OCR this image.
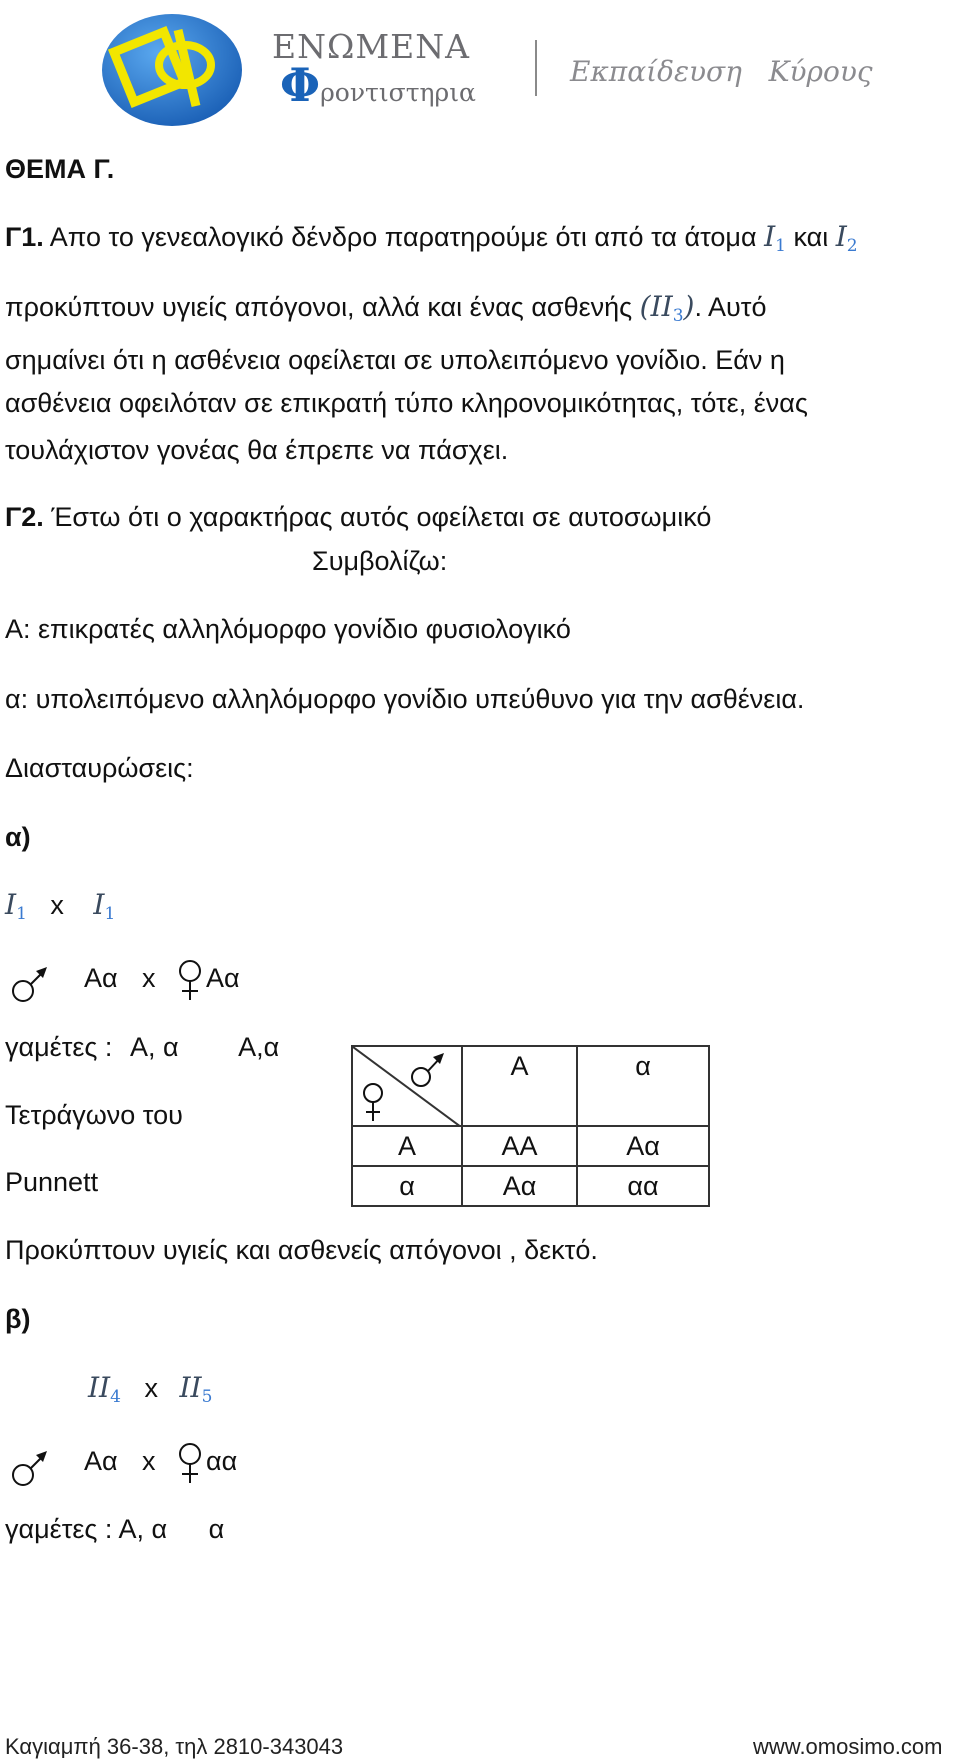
ΕΝΩΜΕΝΑ
Φροντιστηρια
Εκπαίδευση Κύρους
ΘΕΜΑ Γ.
Γ1. Απο το γενεαλογικό δένδρο παρατηρούμε ότι από τα άτομα $I_1$ και $I_2$
προκύπτουν υγιείς απόγονοι, αλλά και ένας ασθενής $(II_3)$. Αυτό
σημαίνει ότι η ασθένεια οφείλεται σε υπολειπόμενο γονίδιο. Εάν η
ασθένεια οφειλόταν σε επικρατή τύπο κληρονομικότητας, τότε, ένας
τουλάχιστον γονέας θα έπρεπε να πάσχει.
Γ2. Έστω ότι ο χαρακτήρας αυτός οφείλεται σε αυτοσωμικό
Συμβολίζω:
Α: επικρατές αλληλόμορφο γονίδιο φυσιολογικό
α: υπολειπόμενο αλληλόμορφο γονίδιο υπεύθυνο για την ασθένεια.
Διασταυρώσεις:
α)
$I_1$ x $I_1$
Αα x Αα
γαμέτες : Α, α Α,α
Τετράγωνο του
Punnett
	Α	α
Α	ΑΑ	Αα
α	Αα	αα
Προκύπτουν υγιείς και ασθενείς απόγονοι , δεκτό.
β)
$II_4$ x $II_5$
Αα x αα
γαμέτες : Α, α α
Καγιαμπή 36-38, τηλ 2810-343043	www.omosimo.com
